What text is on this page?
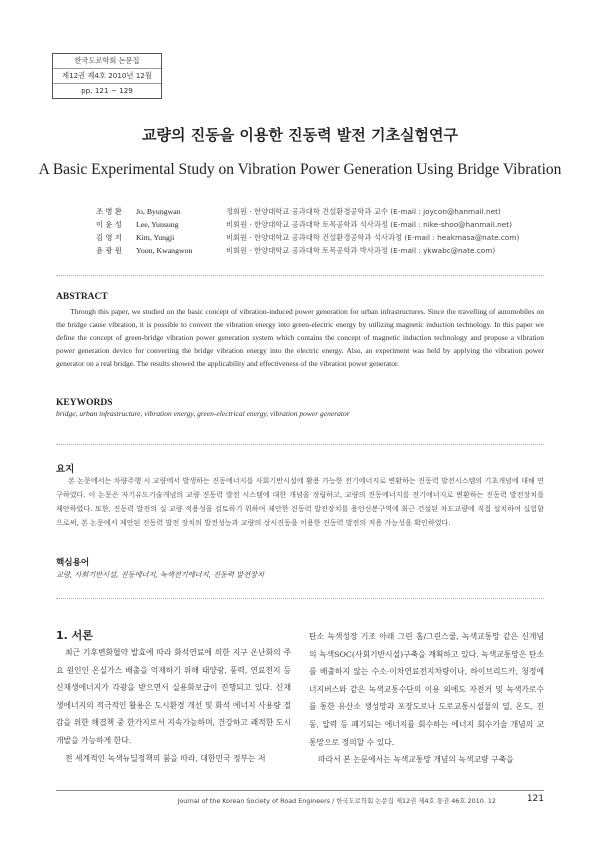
한국도로학회 논문집
제12권 제4호 2010년 12월
pp. 121 ~ 129
교량의 진동을 이용한 진동력 발전 기초실험연구
A Basic Experimental Study on Vibration Power Generation Using Bridge Vibration
조 병 완 Jo, Byungwan	정회원 · 한양대학교 공과대학 건설환경공학과 교수 (E-mail : joycon@hanmail.net)
이 윤 성 Lee, Yunsung	비회원 · 한양대학교 공과대학 토목공학과 석사과정 (E-mail : nike-shoo@hanmail.net)
김 영 지 Kim, Yungji	비회원 · 한양대학교 공과대학 건설환경공학과 석사과정 (E-mail : heakmasa@nate.com)
윤 광 원 Yoon, Kwangwon	비회원 · 한양대학교 공과대학 토목공학과 박사과정 (E-mail : ykwabc@nate.com)
ABSTRACT
Through this paper, we studied on the basic concept of vibration-induced power generation for urban infrastructures. Since the travelling of automobiles on the bridge cause vibration, it is possible to convert the vibration energy into green-electric energy by utilizing magnetic induction technology. In this paper we define the concept of green-bridge vibration power generation system which contains the concept of magnetic induction technology and propose a vibration power generation device for converting the bridge vibration energy into the electric energy. Also, an experiment was held by applying the vibration power generator on a real bridge. The results showed the applicability and effectiveness of the vibration power generator.
KEYWORDS
bridge, urban infrastructure, vibration energy, green-electrical energy, vibration power generator
요지
본 논문에서는 차량주행 시 교량에서 발생하는 진동에너지를 사회기반시설에 활용 가능한 전기에너지로 변환하는 진동력 발전시스템의 기초개념에 대해 연구하였다. 이 논문은 자기유도기술개념의 교량 진동력 발전 시스템에 대한 개념을 정립하고, 교량의 진동에너지를 전기에너지로 변환하는 진동력 발전장치를 제안하였다. 또한, 진동력 발전의 실 교량 적용성을 검토하기 위하여 제안한 진동력 발전장치를 용인신봉구역에 최근 건설된 차도교량에 직접 설치하여 실험함으로써, 본 논문에서 제안된 진동력 발전 장치의 발전성능과 교량의 상시진동을 이용한 진동력 발전의 적용 가능성을 확인하였다.
핵심용어
교량, 사회기반시설, 진동에너지, 녹색전기에너지, 진동력 발전장치
1. 서론

최근 기후변화협약 발효에 따라 화석연료에 의한 지구 온난화의 주요 원인인 온실가스 배출을 억제하기 위해 태양광, 풍력, 연료전지 등 신재생에너지가 각광을 받으면서 실용화보급이 진행되고 있다. 신재생에너지의 적극적인 활용은 도시환경 개선 및 화석 에너지 사용량 절감을 위한 해결책 중 한가지로서 지속가능하며, 건강하고 쾌적한 도시 개발을 가능하게 한다.

전 세계적인 녹색뉴딜정책의 붐을 따라, 대한민국 정부는 저

탄소 녹색성장 기조 아래 그린 홈/그린스쿨, 녹색교통망 같은 신개념의 녹색SOC(사회기반시설)구축을 계획하고 있다. 녹색교통망은 탄소를 배출하지 않는 수소·이차연료전지차량이나, 하이브리드카, 청정에너지버스와 같은 녹색교통수단의 이용 외에도 자전거 및 녹색가로수를 통한 유산소 생성망과 포장도로나 도로교통시설물의 열, 온도, 진동, 압력 등 폐기되는 에너지를 회수하는 에너지 회수기술 개념의 교통망으로 정의할 수 있다.

따라서 본 논문에서는 녹색교통망 개념의 녹색교량 구축을

Journal of the Korean Society of Road Engineers / 한국도로학회 논문집 제12권 제4호 통권 46호 2010. 12	121
